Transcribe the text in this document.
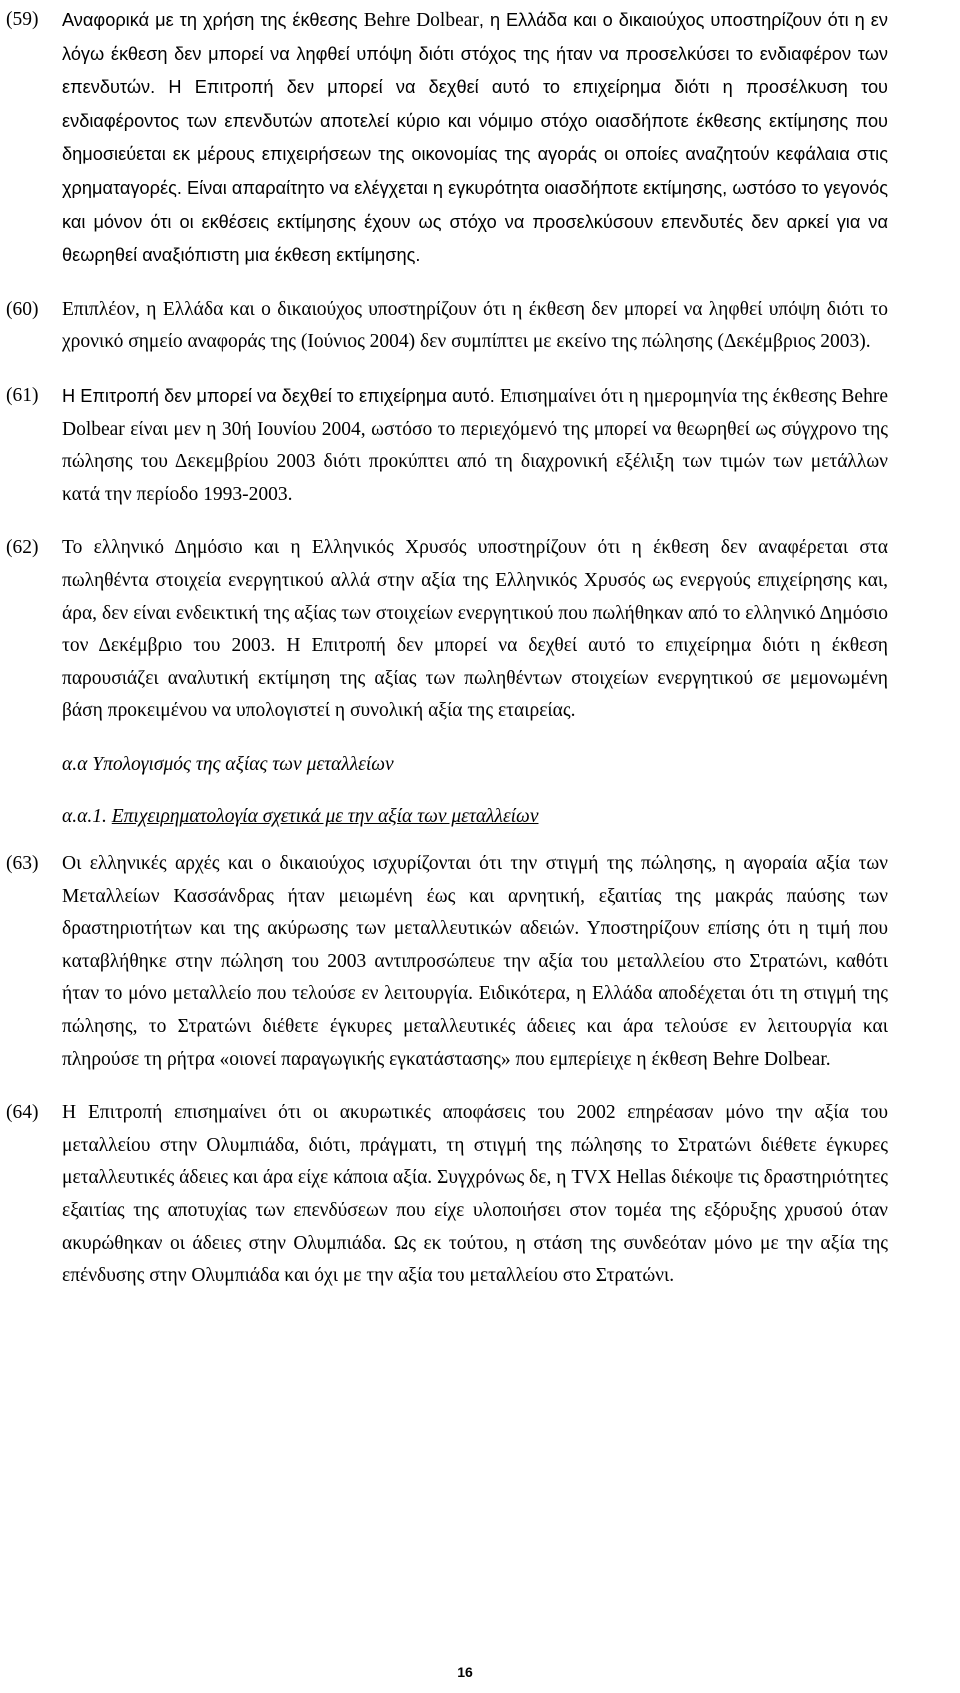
(59)	Αναφορικά με τη χρήση της έκθεσης Behre Dolbear, η Ελλάδα και ο δικαιούχος υποστηρίζουν ότι η εν λόγω έκθεση δεν μπορεί να ληφθεί υπόψη διότι στόχος της ήταν να προσελκύσει το ενδιαφέρον των επενδυτών. Η Επιτροπή δεν μπορεί να δεχθεί αυτό το επιχείρημα διότι η προσέλκυση του ενδιαφέροντος των επενδυτών αποτελεί κύριο και νόμιμο στόχο οιασδήποτε έκθεσης εκτίμησης που δημοσιεύεται εκ μέρους επιχειρήσεων της οικονομίας της αγοράς οι οποίες αναζητούν κεφάλαια στις χρηματαγορές. Είναι απαραίτητο να ελέγχεται η εγκυρότητα οιασδήποτε εκτίμησης, ωστόσο το γεγονός και μόνον ότι οι εκθέσεις εκτίμησης έχουν ως στόχο να προσελκύσουν επενδυτές δεν αρκεί για να θεωρηθεί αναξιόπιστη μια έκθεση εκτίμησης.
(60)	Επιπλέον, η Ελλάδα και ο δικαιούχος υποστηρίζουν ότι η έκθεση δεν μπορεί να ληφθεί υπόψη διότι το χρονικό σημείο αναφοράς της (Ιούνιος 2004) δεν συμπίπτει με εκείνο της πώλησης (Δεκέμβριος 2003).
(61)	Η Επιτροπή δεν μπορεί να δεχθεί το επιχείρημα αυτό. Επισημαίνει ότι η ημερομηνία της έκθεσης Behre Dolbear είναι μεν η 30ή Ιουνίου 2004, ωστόσο το περιεχόμενό της μπορεί να θεωρηθεί ως σύγχρονο της πώλησης του Δεκεμβρίου 2003 διότι προκύπτει από τη διαχρονική εξέλιξη των τιμών των μετάλλων κατά την περίοδο 1993-2003.
(62)	Το ελληνικό Δημόσιο και η Ελληνικός Χρυσός υποστηρίζουν ότι η έκθεση δεν αναφέρεται στα πωληθέντα στοιχεία ενεργητικού αλλά στην αξία της Ελληνικός Χρυσός ως ενεργούς επιχείρησης και, άρα, δεν είναι ενδεικτική της αξίας των στοιχείων ενεργητικού που πωλήθηκαν από το ελληνικό Δημόσιο τον Δεκέμβριο του 2003. Η Επιτροπή δεν μπορεί να δεχθεί αυτό το επιχείρημα διότι η έκθεση παρουσιάζει αναλυτική εκτίμηση της αξίας των πωληθέντων στοιχείων ενεργητικού σε μεμονωμένη βάση προκειμένου να υπολογιστεί η συνολική αξία της εταιρείας.
α.α Υπολογισμός της αξίας των μεταλλείων
α.α.1. Επιχειρηματολογία σχετικά με την αξία των μεταλλείων
(63)	Οι ελληνικές αρχές και ο δικαιούχος ισχυρίζονται ότι την στιγμή της πώλησης, η αγοραία αξία των Μεταλλείων Κασσάνδρας ήταν μειωμένη έως και αρνητική, εξαιτίας της μακράς παύσης των δραστηριοτήτων και της ακύρωσης των μεταλλευτικών αδειών. Υποστηρίζουν επίσης ότι η τιμή που καταβλήθηκε στην πώληση του 2003 αντιπροσώπευε την αξία του μεταλλείου στο Στρατώνι, καθότι ήταν το μόνο μεταλλείο που τελούσε εν λειτουργία. Ειδικότερα, η Ελλάδα αποδέχεται ότι τη στιγμή της πώλησης, το Στρατώνι διέθετε έγκυρες μεταλλευτικές άδειες και άρα τελούσε εν λειτουργία και πληρούσε τη ρήτρα «οιονεί παραγωγικής εγκατάστασης» που εμπερίειχε η έκθεση Behre Dolbear.
(64)	Η Επιτροπή επισημαίνει ότι οι ακυρωτικές αποφάσεις του 2002 επηρέασαν μόνο την αξία του μεταλλείου στην Ολυμπιάδα, διότι, πράγματι, τη στιγμή της πώλησης το Στρατώνι διέθετε έγκυρες μεταλλευτικές άδειες και άρα είχε κάποια αξία. Συγχρόνως δε, η TVX Hellas διέκοψε τις δραστηριότητες εξαιτίας της αποτυχίας των επενδύσεων που είχε υλοποιήσει στον τομέα της εξόρυξης χρυσού όταν ακυρώθηκαν οι άδειες στην Ολυμπιάδα. Ως εκ τούτου, η στάση της συνδεόταν μόνο με την αξία της επένδυσης στην Ολυμπιάδα και όχι με την αξία του μεταλλείου στο Στρατώνι.
16
